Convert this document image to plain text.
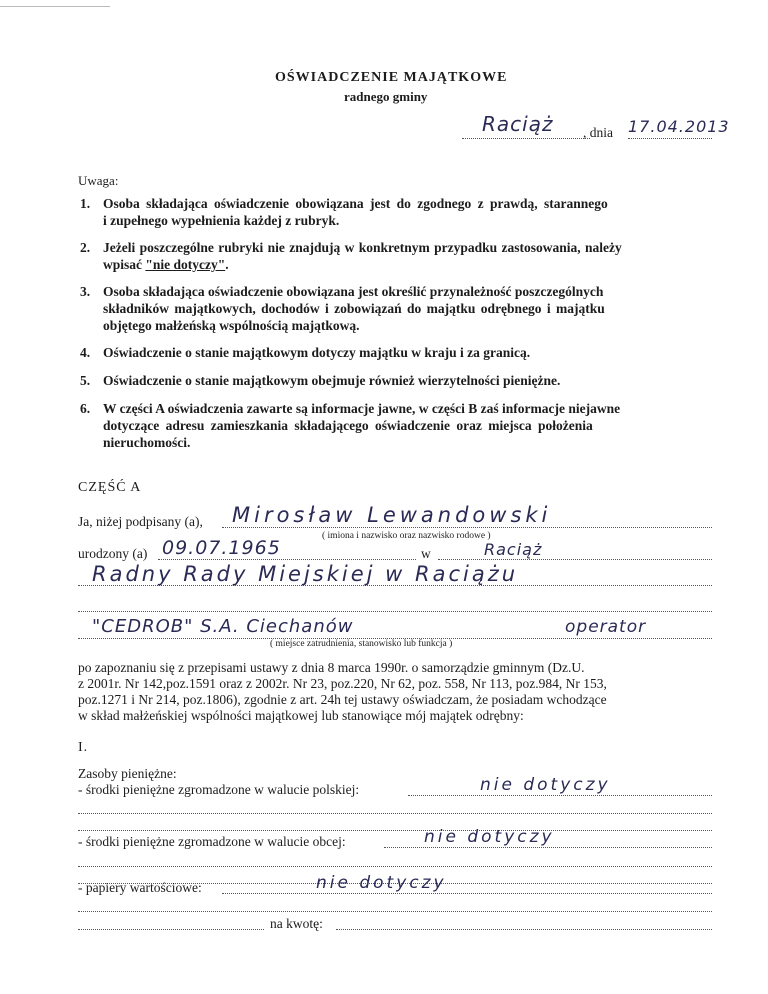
OŚWIADCZENIE MAJĄTKOWE
radnego gminy
Raciąż , dnia 17.04.2013
Uwaga:
1. Osoba składająca oświadczenie obowiązana jest do zgodnego z prawdą, starannego
i zupełnego wypełnienia każdej z rubryk.
2. Jeżeli poszczególne rubryki nie znajdują w konkretnym przypadku zastosowania, należy
wpisać "nie dotyczy".
3. Osoba składająca oświadczenie obowiązana jest określić przynależność poszczególnych
składników majątkowych, dochodów i zobowiązań do majątku odrębnego i majątku
objętego małżeńską wspólnością majątkową.
4. Oświadczenie o stanie majątkowym dotyczy majątku w kraju i za granicą.
5. Oświadczenie o stanie majątkowym obejmuje również wierzytelności pieniężne.
6. W części A oświadczenia zawarte są informacje jawne, w części B zaś informacje niejawne
dotyczące adresu zamieszkania składającego oświadczenie oraz miejsca położenia
nieruchomości.
CZĘŚĆ A
Ja, niżej podpisany (a), Mirosław Lewandowski
( imiona i nazwisko oraz nazwisko rodowe )
urodzony (a) 09.07.1965	w	Raciąż
Radny Rady Miejskiej w Raciążu
"CEDROB" S.A. Ciechanów	operator
( miejsce zatrudnienia, stanowisko lub funkcja )
po zapoznaniu się z przepisami ustawy z dnia 8 marca 1990r. o samorządzie gminnym (Dz.U.
z 2001r. Nr 142,poz.1591 oraz z 2002r. Nr 23, poz.220, Nr 62, poz. 558, Nr 113, poz.984, Nr 153,
poz.1271 i Nr 214, poz.1806), zgodnie z art. 24h tej ustawy oświadczam, że posiadam wchodzące
w skład małżeńskiej wspólności majątkowej lub stanowiące mój majątek odrębny:
I.
Zasoby pieniężne:
- środki pieniężne zgromadzone w walucie polskiej:	nie dotyczy
- środki pieniężne zgromadzone w walucie obcej:	nie dotyczy
- papiery wartościowe:	nie dotyczy
na kwotę:
